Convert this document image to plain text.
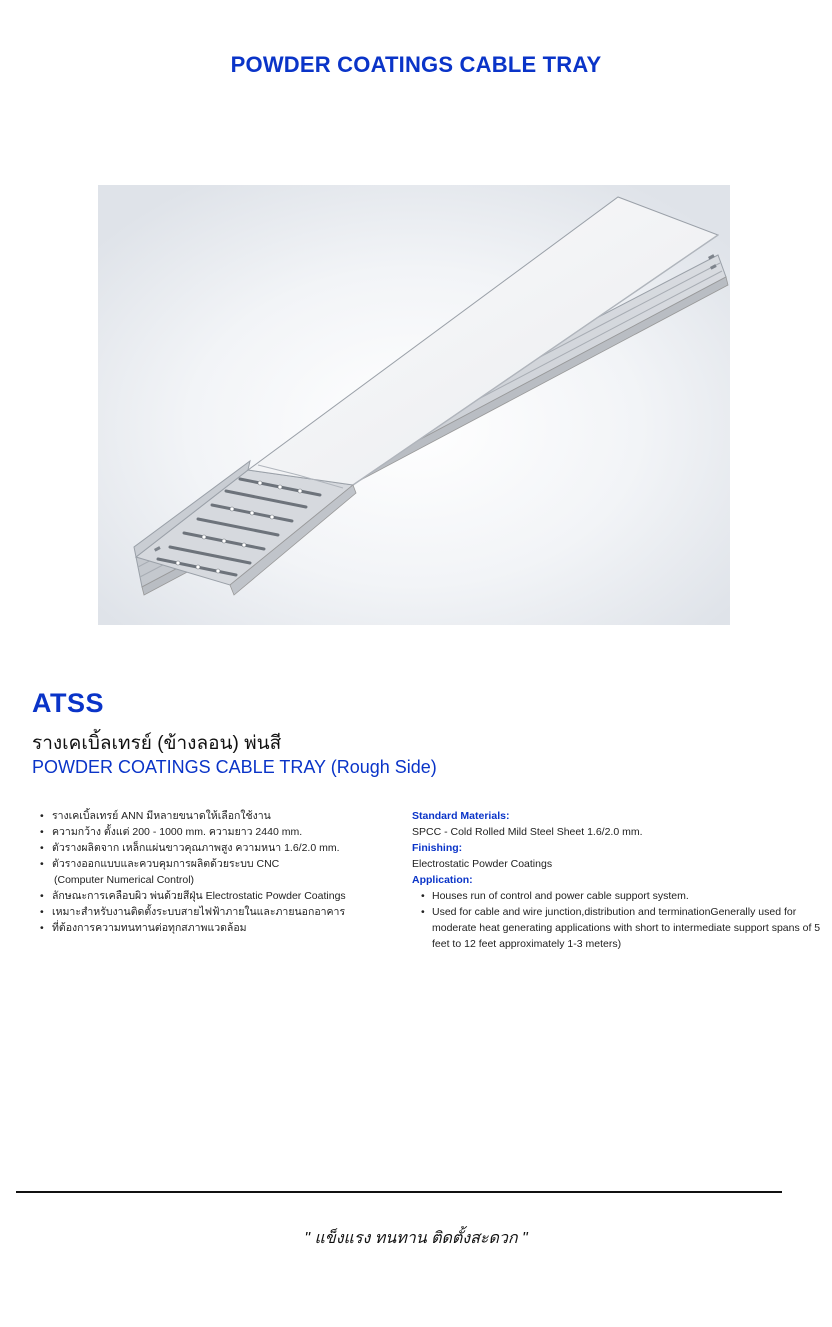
POWDER COATINGS CABLE TRAY
ATSS
รางเคเบิ้ลเทรย์ (ข้างลอน) พ่นสี
POWDER COATINGS CABLE TRAY (Rough Side)
• รางเคเบิ้ลเทรย์ ANN มีหลายขนาดให้เลือกใช้งาน
• ความกว้าง ตั้งแต่ 200 - 1000 mm. ความยาว 2440 mm.
• ตัวรางผลิตจาก เหล็กแผ่นขาวคุณภาพสูง ความหนา 1.6/2.0 mm.
• ตัวรางออกแบบและควบคุมการผลิตด้วยระบบ CNC
(Computer Numerical Control)
• ลักษณะการเคลือบผิว พ่นด้วยสีฝุ่น Electrostatic Powder Coatings
• เหมาะสำหรับงานติดตั้งระบบสายไฟฟ้าภายในและภายนอกอาคาร
• ที่ต้องการความทนทานต่อทุกสภาพแวดล้อม
Standard Materials:
SPCC - Cold Rolled Mild Steel Sheet 1.6/2.0 mm.
Finishing:
Electrostatic Powder Coatings
Application:
• Houses run of control and power cable support system.
• Used for cable and wire junction,distribution and terminationGenerally used for moderate heat generating applications with short to intermediate support spans of 5 feet to 12 feet approximately 1-3 meters)
" แข็งแรง ทนทาน ติดตั้งสะดวก "
